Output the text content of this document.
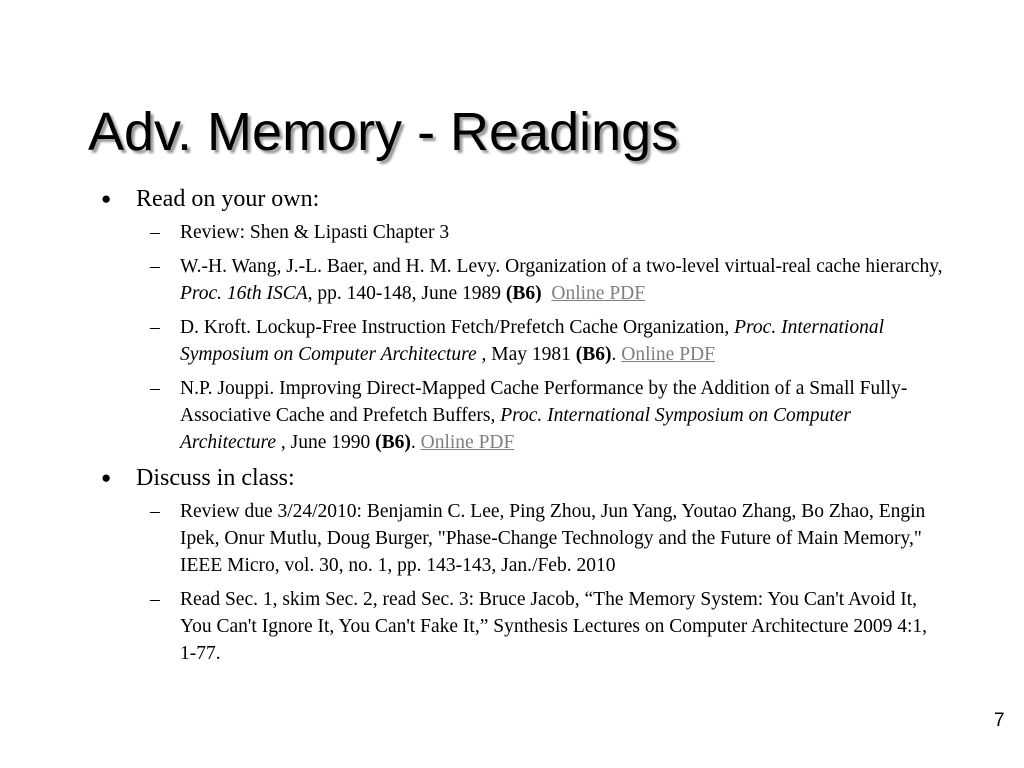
Adv. Memory - Readings
● Read on your own:
– Review: Shen & Lipasti Chapter 3
– W.-H. Wang, J.-L. Baer, and H. M. Levy. Organization of a two-level virtual-real cache hierarchy, Proc. 16th ISCA, pp. 140-148, June 1989 (B6) Online PDF
– D. Kroft. Lockup-Free Instruction Fetch/Prefetch Cache Organization, Proc. International Symposium on Computer Architecture , May 1981 (B6). Online PDF
– N.P. Jouppi. Improving Direct-Mapped Cache Performance by the Addition of a Small Fully-Associative Cache and Prefetch Buffers, Proc. International Symposium on Computer Architecture , June 1990 (B6). Online PDF
● Discuss in class:
– Review due 3/24/2010: Benjamin C. Lee, Ping Zhou, Jun Yang, Youtao Zhang, Bo Zhao, Engin Ipek, Onur Mutlu, Doug Burger, "Phase-Change Technology and the Future of Main Memory," IEEE Micro, vol. 30, no. 1, pp. 143-143, Jan./Feb. 2010
– Read Sec. 1, skim Sec. 2, read Sec. 3: Bruce Jacob, “The Memory System: You Can't Avoid It, You Can't Ignore It, You Can't Fake It,” Synthesis Lectures on Computer Architecture 2009 4:1, 1-77.
7
